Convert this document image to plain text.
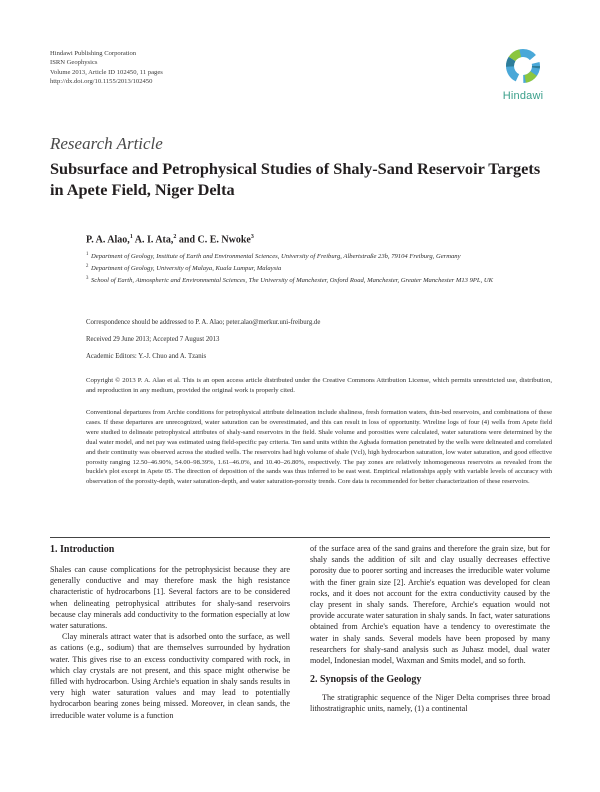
Hindawi Publishing Corporation
ISRN Geophysics
Volume 2013, Article ID 102450, 11 pages
http://dx.doi.org/10.1155/2013/102450
Hindawi
Research Article
Subsurface and Petrophysical Studies of Shaly-Sand Reservoir Targets in Apete Field, Niger Delta
P. A. Alao,$^1$ A. I. Ata,$^2$ and C. E. Nwoke$^3$
1 Department of Geology, Institute of Earth and Environmental Sciences, University of Freiburg, Albertstraße 23b, 79104 Freiburg, Germany
2 Department of Geology, University of Malaya, Kuala Lumpur, Malaysia
3 School of Earth, Atmospheric and Environmental Sciences, The University of Manchester, Oxford Road, Manchester, Greater Manchester M13 9PL, UK
Correspondence should be addressed to P. A. Alao; peter.alao@merkur.uni-freiburg.de
Received 29 June 2013; Accepted 7 August 2013
Academic Editors: Y.-J. Chuo and A. Tzanis
Copyright © 2013 P. A. Alao et al. This is an open access article distributed under the Creative Commons Attribution License, which permits unrestricted use, distribution, and reproduction in any medium, provided the original work is properly cited.
Conventional departures from Archie conditions for petrophysical attribute delineation include shaliness, fresh formation waters, thin-bed reservoirs, and combinations of these cases. If these departures are unrecognized, water saturation can be overestimated, and this can result in loss of opportunity. Wireline logs of four (4) wells from Apete field were studied to delineate petrophysical attributes of shaly-sand reservoirs in the field. Shale volume and porosities were calculated, water saturations were determined by the dual water model, and net pay was estimated using field-specific pay criteria. Ten sand units within the Agbada formation penetrated by the wells were delineated and correlated and their continuity was observed across the studied wells. The reservoirs had high volume of shale (Vcl), high hydrocarbon saturation, low water saturation, and good effective porosity ranging 12.50–46.90%, 54.00–98.39%, 1.61–46.0%, and 10.40–26.80%, respectively. The pay zones are relatively inhomogeneous reservoirs as revealed from the buckle's plot except in Apete 05. The direction of deposition of the sands was thus inferred to be east west. Empirical relationships apply with variable levels of accuracy with observation of the porosity-depth, water saturation-depth, and water saturation-porosity trends. Core data is recommended for better characterization of these reservoirs.
1. Introduction

Shales can cause complications for the petrophysicist because they are generally conductive and may therefore mask the high resistance characteristic of hydrocarbons [1]. Several factors are to be considered when delineating petrophysical attributes for shaly-sand reservoirs because clay minerals add conductivity to the formation especially at low water saturations.

Clay minerals attract water that is adsorbed onto the surface, as well as cations (e.g., sodium) that are themselves surrounded by hydration water. This gives rise to an excess conductivity compared with rock, in which clay crystals are not present, and this space might otherwise be filled with hydrocarbon. Using Archie's equation in shaly sands results in very high water saturation values and may lead to potentially hydrocarbon bearing zones being missed. Moreover, in clean sands, the irreducible water volume is a function

of the surface area of the sand grains and therefore the grain size, but for shaly sands the addition of silt and clay usually decreases effective porosity due to poorer sorting and increases the irreducible water volume with the finer grain size [2]. Archie's equation was developed for clean rocks, and it does not account for the extra conductivity caused by the clay present in shaly sands. Therefore, Archie's equation would not provide accurate water saturation in shaly sands. In fact, water saturations obtained from Archie's equation have a tendency to overestimate the water in shaly sands. Several models have been proposed by many researchers for shaly-sand analysis such as Juhasz model, dual water model, Indonesian model, Waxman and Smits model, and so forth.

2. Synopsis of the Geology

The stratigraphic sequence of the Niger Delta comprises three broad lithostratigraphic units, namely, (1) a continental
